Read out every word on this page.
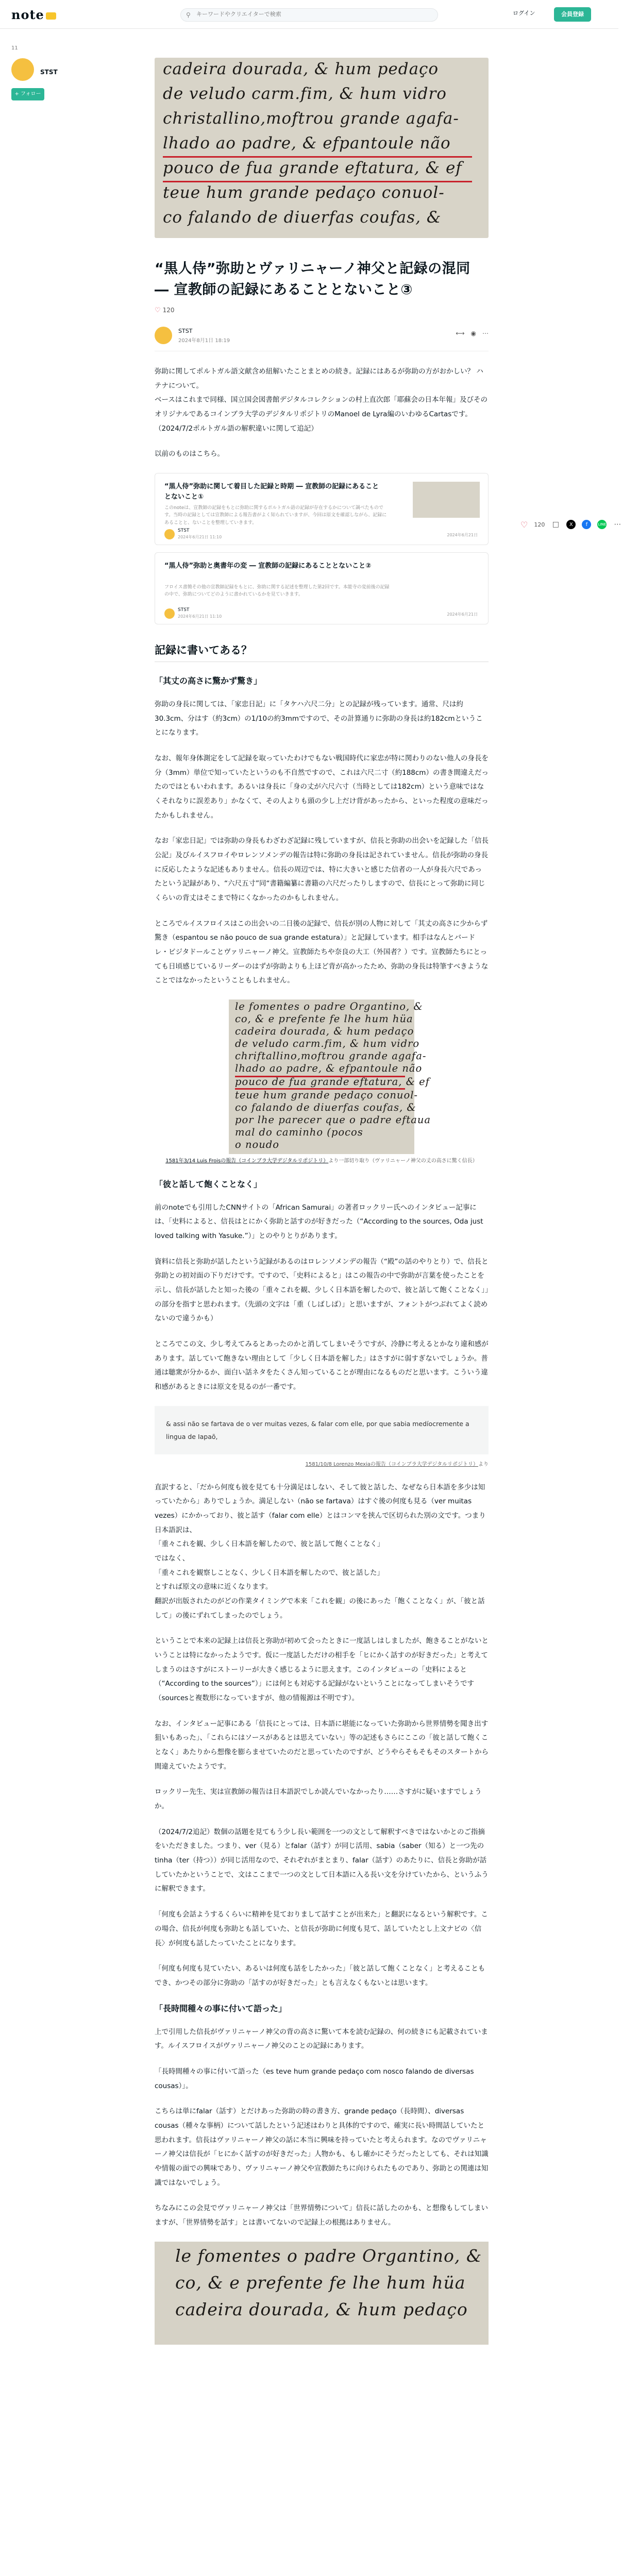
note	⚲
キーワードやクリエイターで検索	ログイン	会員登録
11
STST
+ フォロー
♡ 120 □	X	f	LINE ⋯
cadeira dourada, & hum pedaço
de veludo carm.fim, & hum vidro
christallino,moftrou grande agafa-
lhado ao padre, & efpantoule não
pouco de fua grande eftatura, & ef
teue hum grande pedaço conuol-
co falando de diuerfas coufas, &
“黒人侍”弥助とヴァリニャーノ神父と記録の混同 ― 宣教師の記録にあることとないこと③
♡ 120
STST
2024年8月1日 18:19
⟷ ◉ ⋯

弥助に関してポルトガル語文献含め紐解いたことまとめの続き。記録にはあるが弥助の方がおかしい？ ハテナについて。
ベースはこれまで同様、国立国会図書館デジタルコレクションの村上直次郎「耶蘇会の日本年報」及びそのオリジナルであるコインブラ大学のデジタルリポジトリのManoel de Lyra編のいわゆるCartasです。
（2024/7/2ポルトガル語の解釈違いに関して追記）

以前のものはこちら。

“黒人侍”弥助に関して着目した記録と時期 ― 宣教師の記録にあることとないこと①
このnoteは、宣教師の記録をもとに弥助に関するポルトガル語の記録が存在するかについて調べたものです。当時の記録としては宣教師による報告書がよく知られていますが、今回は原文を確認しながら、記録にあることと、ないことを整理していきます。
STST
2024年6月21日 11:10	2024年6月21日
“黒人侍”弥助と奥書年の変 ― 宣教師の記録にあることとないこと②
フロイス書簡その他の宣教師記録をもとに、弥助に関する記述を整理した第2回です。本能寺の変前後の記録の中で、弥助についてどのように書かれているかを見ていきます。
STST
2024年6月21日 11:10	2024年6月21日
記録に書いてある？
「其丈の高さに驚かず驚き」

弥助の身長に関しては、「家忠日記」に「タケハ六尺二分」との記録が残っています。通常、尺は約30.3cm、分はす（約3cm）の1/10の約3mmですので、その計算通りに弥助の身長は約182cmということになります。

なお、報年身体測定をして記録を取っていたわけでもない戦国時代に家忠が特に関わりのない他人の身長を分（3mm）単位で知っていたというのも不自然ですので、これは六尺二寸（約188cm）の書き間違えだったのではともいわれます。あるいは身長に「身の丈が六尺六寸（当時としては182cm）という意味ではなくそれなりに誤差あり」かなくて、その人よりも頭の少し上だけ背があったから、といった程度の意味だったかもしれません。

なお「家忠日記」では弥助の身長もわざわざ記録に残していますが、信長と弥助の出会いを記録した「信長公記」及びルイスフロイやロレンソメンデの報告は特に弥助の身長は記されていません。信長が弥助の身長に反応したような記述もありません。信長の周辺では、特に大きいと感じた信者の一人が身長六尺であったという記録があり、“六尺五寸”同“書籍編纂に書籍の六尺だったりしますので、信長にとって弥助に同じくらいの背丈はそこまで特にくなかったのかもしれません。

ところでルイスフロイスはこの出会いの二日後の記録で、信長が別の人物に対して「其丈の高さに少からず驚き（espantou se não pouco de sua grande estatura）」と記録しています。相手はなんとバードレ・ビジタドールことヴァリニャーノ神父。宣教師たちや奈良の大工（外国者？）です。宣教師たちにとっても日頃感じているリーダーのはずが弥助よりも上ほど背が高かったため、弥助の身長は特筆すべきようなことではなかったということもしれません。

le fomentes o padre Organtino, &
co, & e prefente fe lhe hum hüa
cadeira dourada, & hum pedaço
de veludo carm.fim, & hum vidro
chriftallino,moftrou grande agafa-
lhado ao padre, & efpantoule não
pouco de fua grande eftatura, & ef
teue hum grande pedaço conuol-
co falando de diuerfas coufas, &
por lhe parecer que o padre eftaua
mal do caminho (pocos
o noudo
1581年3/14 Luis Froisの報告（コインブラ大学デジタルリポジトリ）より一部切り取り（ヴァリニャーノ神父の丈の高さに驚く信長）
「彼と話して飽くことなく」

前のnoteでも引用したCNNサイトの「African Samurai」の著者ロックリー氏へのインタビュー記事には、「史料によると、信長はとにかく弥助と話すのが好きだった（“According to the sources, Oda just loved talking with Yasuke.”）」とのやりとりがあります。

資料に信長と弥助が話したという記録があるのはロレンソメンデの報告（“殿”の話のやりとり）で、信長と弥助との初対面の下りだけです。ですので、「史料によると」はこの報告の中で弥助が言葉を使ったことを示し、信長が話したと知った後の「重々これを観、少しく日本語を解したので、彼と話して飽くことなく」」の部分を指すと思われます。（先頭の文字は「重（しばしば）」と思いますが、フォントがつぶれてよく読めないので違うかも）

ところでこの文、少し考えてみるとあったのかと消してしまいそうですが、冷静に考えるとかなり違和感があります。話していて飽きない理由として「少しく日本語を解した」はさすがに弱すぎないでしょうか。普通は聴衆が分かるか、面白い話ネタをたくさん知っていることが理由になるものだと思います。こういう違和感があるときには原文を見るのが一番です。

& assi não se fartava de o ver muitas vezes, & falar com elle, por que sabia medíocremente a lingua de Iapaõ,
1581/10/8 Lorenzo Mexiaの報告（コインブラ大学デジタルリポジトリ）より

直訳すると、「だから何度も彼を見ても十分満足はしない、そして彼と話した、なぜなら日本語を多少は知っていたから」ありでしょうか。満足しない（não se fartava）はすぐ後の何度も見る（ver muitas vezes）にかかっており、彼と話す（falar com elle）とはコンマを挟んで区切られた別の文です。つまり日本語訳は、

「重々これを観、少しく日本語を解したので、彼と話して飽くことなく」

ではなく、

「重々これを観察しことなく、少しく日本語を解したので、彼と話した」

とすれば原文の意味に近くなります。

翻訳が出版されたのがどの作業タイミングで本来「これを観」の後にあった「飽くことなく」が、「彼と話して」の後にずれてしまったのでしょう。

ということで本来の記録上は信長と弥助が初めて会ったときに一度話しはしましたが、飽きることがないということは特になかったようです。仮に一度話しただけの相手を「ヒにかく話すのが好きだった」と考えてしまうのはさすがにストーリーが大きく感じるように思えます。このインタビューの「史料によると（“According to the sources”）」には何とも対応する記録がないということになってしまいそうです（sourcesと複数形になっていますが、他の情報源は不明です）。

なお、インタビュー記事にある「信長にとっては、日本語に堪能になっていた弥助から世界情勢を聞き出す狙いもあった」、「これらにはソースがあるとは思えていない」等の記述もさらにここの「彼と話して飽くことなく」あたりから想像を膨らませていたのだと思っていたのですが、どうやらそもそもそのスタートから間違えていたようです。

ロックリー先生、実は宣教師の報告は日本語訳でしか読んでいなかったり……さすがに疑いますでしょうか。

（2024/7/2追記）数個の話題を見てもう少し長い範囲を一つの文として解釈すべきではないかとのご指摘をいただきました。つまり、ver（見る）とfalar（話す）が同じ活用、sabia（saber（知る）と一つ先のtinha（ter（持つ））が同じ活用なので、それぞれがまとまり、falar（話す）のあたりに、信長と弥助が話していたかということで、文はここまで一つの文として日本語に入る長い文を分けていたから、というふうに解釈できます。

「何度も会話ようするくらいに精神を見ておりまして話すことが出来た」と翻訳になるという解釈です。この場合、信長が何度も弥助とも話していた、と信長が弥助に何度も見て、話していたとし上文ナビの〈信長〉が何度も話したっていたことになります。

「何度も何度も見ていたい、あるいは何度も話をしたかった」「彼と話して飽くことなく」と考えることもでき、かつその部分に弥助の「話すのが好きだった」とも言えなくもないとは思います。

「長時間種々の事に付いて語った」

上で引用した信長がヴァリニャーノ神父の背の高さに驚いて本を読む記録の、何の続きにも記載されています。ルイスフロイスがヴァリニャーノ神父のことの記録にあります。

「長時間種々の事に付いて語った（es teve hum grande pedaço com nosco falando de diversas cousas）」。

こちらは単にfalar（話す）とだけあった弥助の時の書き方、grande pedaço（長時間）、diversas cousas（種々な事柄）について話したという記述はわりと具体的ですので、確実に長い時間話していたと思われます。信長はヴァリニャーノ神父の話に本当に興味を持っていたと考えられます。なのでヴァリニャーノ神父は信長が「ヒにかく話すのが好きだった」人物かも、もし確かにそうだったとしても、それは知識や情報の面での興味であり、ヴァリニャーノ神父や宣教師たちに向けられたものであり、弥助との関連は知識ではないでしょう。

ちなみにこの会見でヴァリニャーノ神父は「世界情勢について」信長に話したのかも、と想像もしてしまいますが、「世界情勢を話す」とは書いてないので記録上の根拠はありません。

le fomentes o padre Organtino, &
co, & e prefente fe lhe hum hüa
cadeira dourada, & hum pedaço
